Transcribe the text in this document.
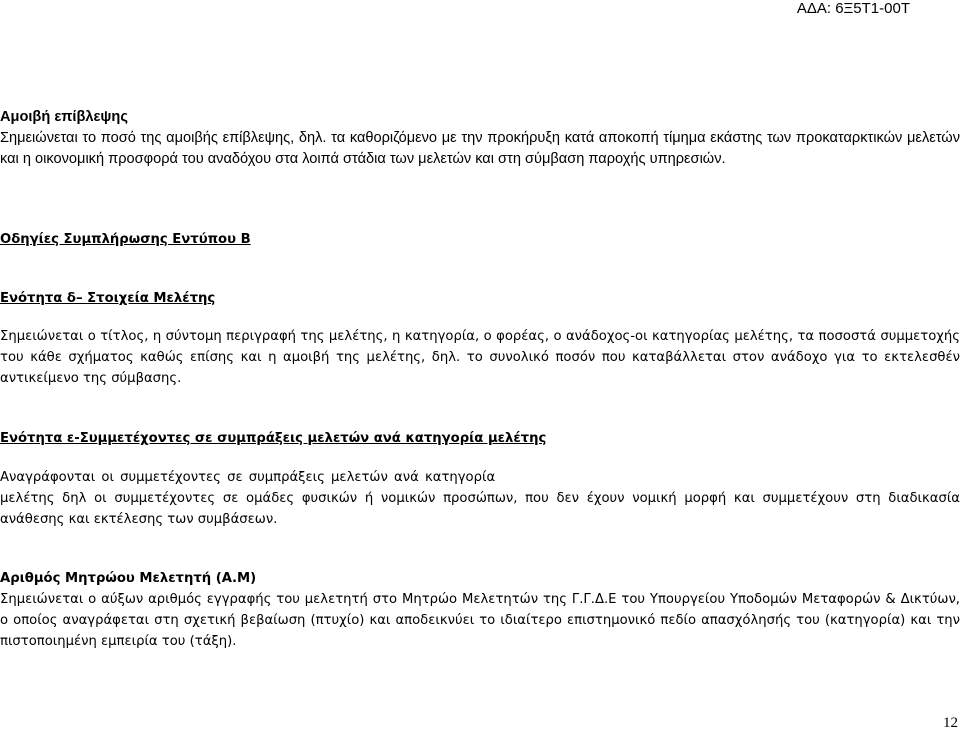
ΑΔΑ: 6Ξ5Τ1-00Τ

Αμοιβή επίβλεψης

Σημειώνεται το ποσό της αμοιβής επίβλεψης, δηλ. τα καθοριζόμενο με την προκήρυξη κατά αποκοπή τίμημα εκάστης των προκαταρκτικών μελετών και η οικονομική προσφορά του αναδόχου στα λοιπά στάδια των μελετών και στη σύμβαση παροχής υπηρεσιών.

Οδηγίες Συμπλήρωσης Εντύπου Β

Ενότητα δ– Στοιχεία Μελέτης

Σημειώνεται ο τίτλος, η σύντομη περιγραφή της μελέτης, η κατηγορία, ο φορέας, ο ανάδοχος-οι κατηγορίας μελέτης, τα ποσοστά συμμετοχής του κάθε σχήματος καθώς επίσης και η αμοιβή της μελέτης, δηλ. το συνολικό ποσόν που καταβάλλεται στον ανάδοχο για το εκτελεσθέν αντικείμενο της σύμβασης.

Ενότητα ε-Συμμετέχοντες σε συμπράξεις μελετών ανά κατηγορία μελέτης

Αναγράφονται οι συμμετέχοντες σε συμπράξεις μελετών ανά κατηγορία

μελέτης δηλ οι συμμετέχοντες σε ομάδες φυσικών ή νομικών προσώπων, που δεν έχουν νομική μορφή και συμμετέχουν στη διαδικασία ανάθεσης και εκτέλεσης των συμβάσεων.

Αριθμός Μητρώου Μελετητή (Α.Μ)

Σημειώνεται ο αύξων αριθμός εγγραφής του μελετητή στο Μητρώο Μελετητών της Γ.Γ.Δ.Ε του Υπουργείου Υποδομών Μεταφορών & Δικτύων, ο οποίος αναγράφεται στη σχετική βεβαίωση (πτυχίο) και αποδεικνύει το ιδιαίτερο επιστημονικό πεδίο απασχόλησής του (κατηγορία) και την πιστοποιημένη εμπειρία του (τάξη).

12
